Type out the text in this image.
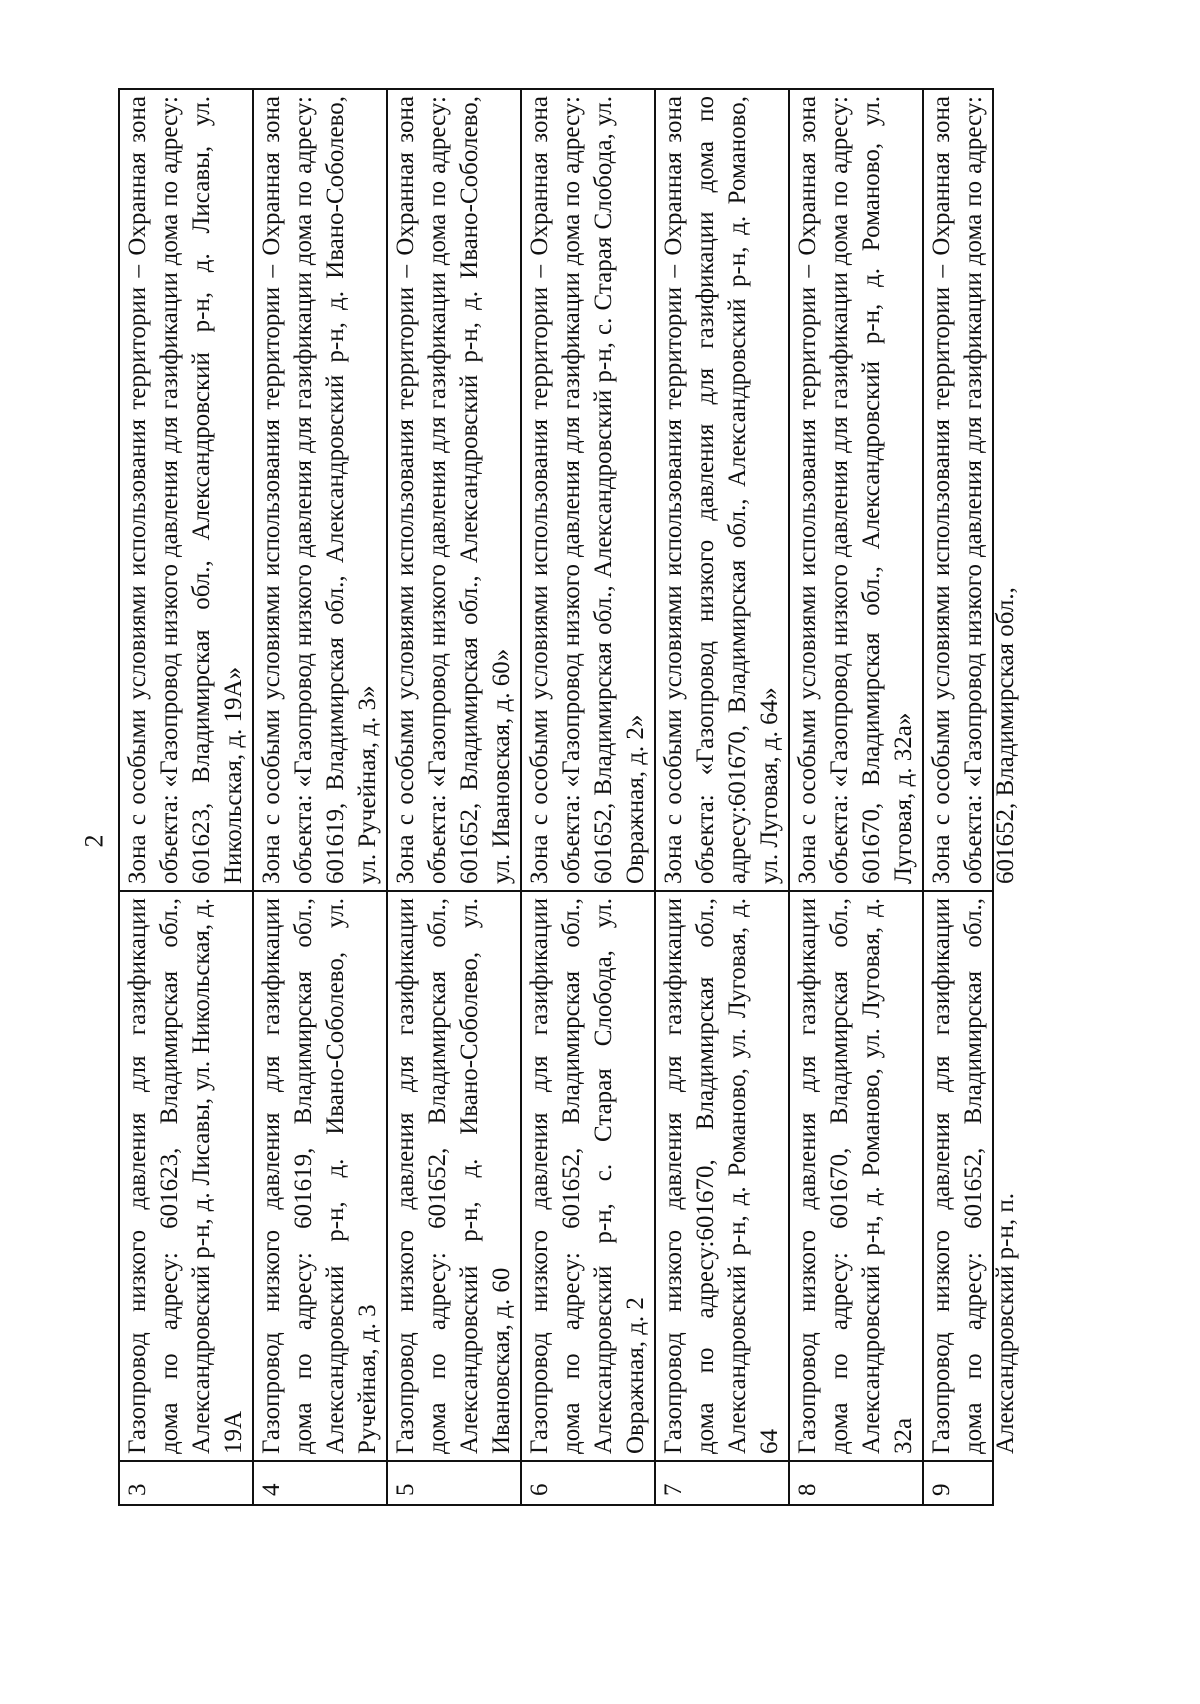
2
3	Газопровод низкого давления для газификации дома по адресу: 601623, Владимирская обл., Александровский р-н, д. Лисавы, ул. Никольская, д. 19А	Зона с особыми условиями использования территории – Охранная зона объекта: «Газопровод низкого давления для газификации дома по адресу: 601623, Владимирская обл., Александровский р-н, д. Лисавы, ул. Никольская, д. 19А»
4	Газопровод низкого давления для газификации дома по адресу: 601619, Владимирская обл., Александровский р-н, д. Ивано-Соболево, ул. Ручейная, д. 3	Зона с особыми условиями использования территории – Охранная зона объекта: «Газопровод низкого давления для газификации дома по адресу: 601619, Владимирская обл., Александровский р-н, д. Ивано-Соболево, ул. Ручейная, д. 3»
5	Газопровод низкого давления для газификации дома по адресу: 601652, Владимирская обл., Александровский р-н, д. Ивано-Соболево, ул. Ивановская, д. 60	Зона с особыми условиями использования территории – Охранная зона объекта: «Газопровод низкого давления для газификации дома по адресу: 601652, Владимирская обл., Александровский р-н, д. Ивано-Соболево, ул. Ивановская, д. 60»
6	Газопровод низкого давления для газификации дома по адресу: 601652, Владимирская обл., Александровский р-н, с. Старая Слобода, ул. Овражная, д. 2	Зона с особыми условиями использования территории – Охранная зона объекта: «Газопровод низкого давления для газификации дома по адресу: 601652, Владимирская обл., Александровский р-н, с. Старая Слобода, ул. Овражная, д. 2»
7	Газопровод низкого давления для газификации дома по адресу:601670, Владимирская обл., Александровский р-н, д. Романово, ул. Луговая, д. 64	Зона с особыми условиями использования территории – Охранная зона объекта: «Газопровод низкого давления для газификации дома по адресу:601670, Владимирская обл., Александровский р-н, д. Романово, ул. Луговая, д. 64»
8	Газопровод низкого давления для газификации дома по адресу: 601670, Владимирская обл., Александровский р-н, д. Романово, ул. Луговая, д. 32а	Зона с особыми условиями использования территории – Охранная зона объекта: «Газопровод низкого давления для газификации дома по адресу: 601670, Владимирская обл., Александровский р-н, д. Романово, ул. Луговая, д. 32а»

9	Газопровод низкого давления для газификации дома по адресу: 601652, Владимирская обл., Александровский р-н, п.	Зона с особыми условиями использования территории – Охранная зона объекта: «Газопровод низкого давления для газификации дома по адресу: 601652, Владимирская обл.,
